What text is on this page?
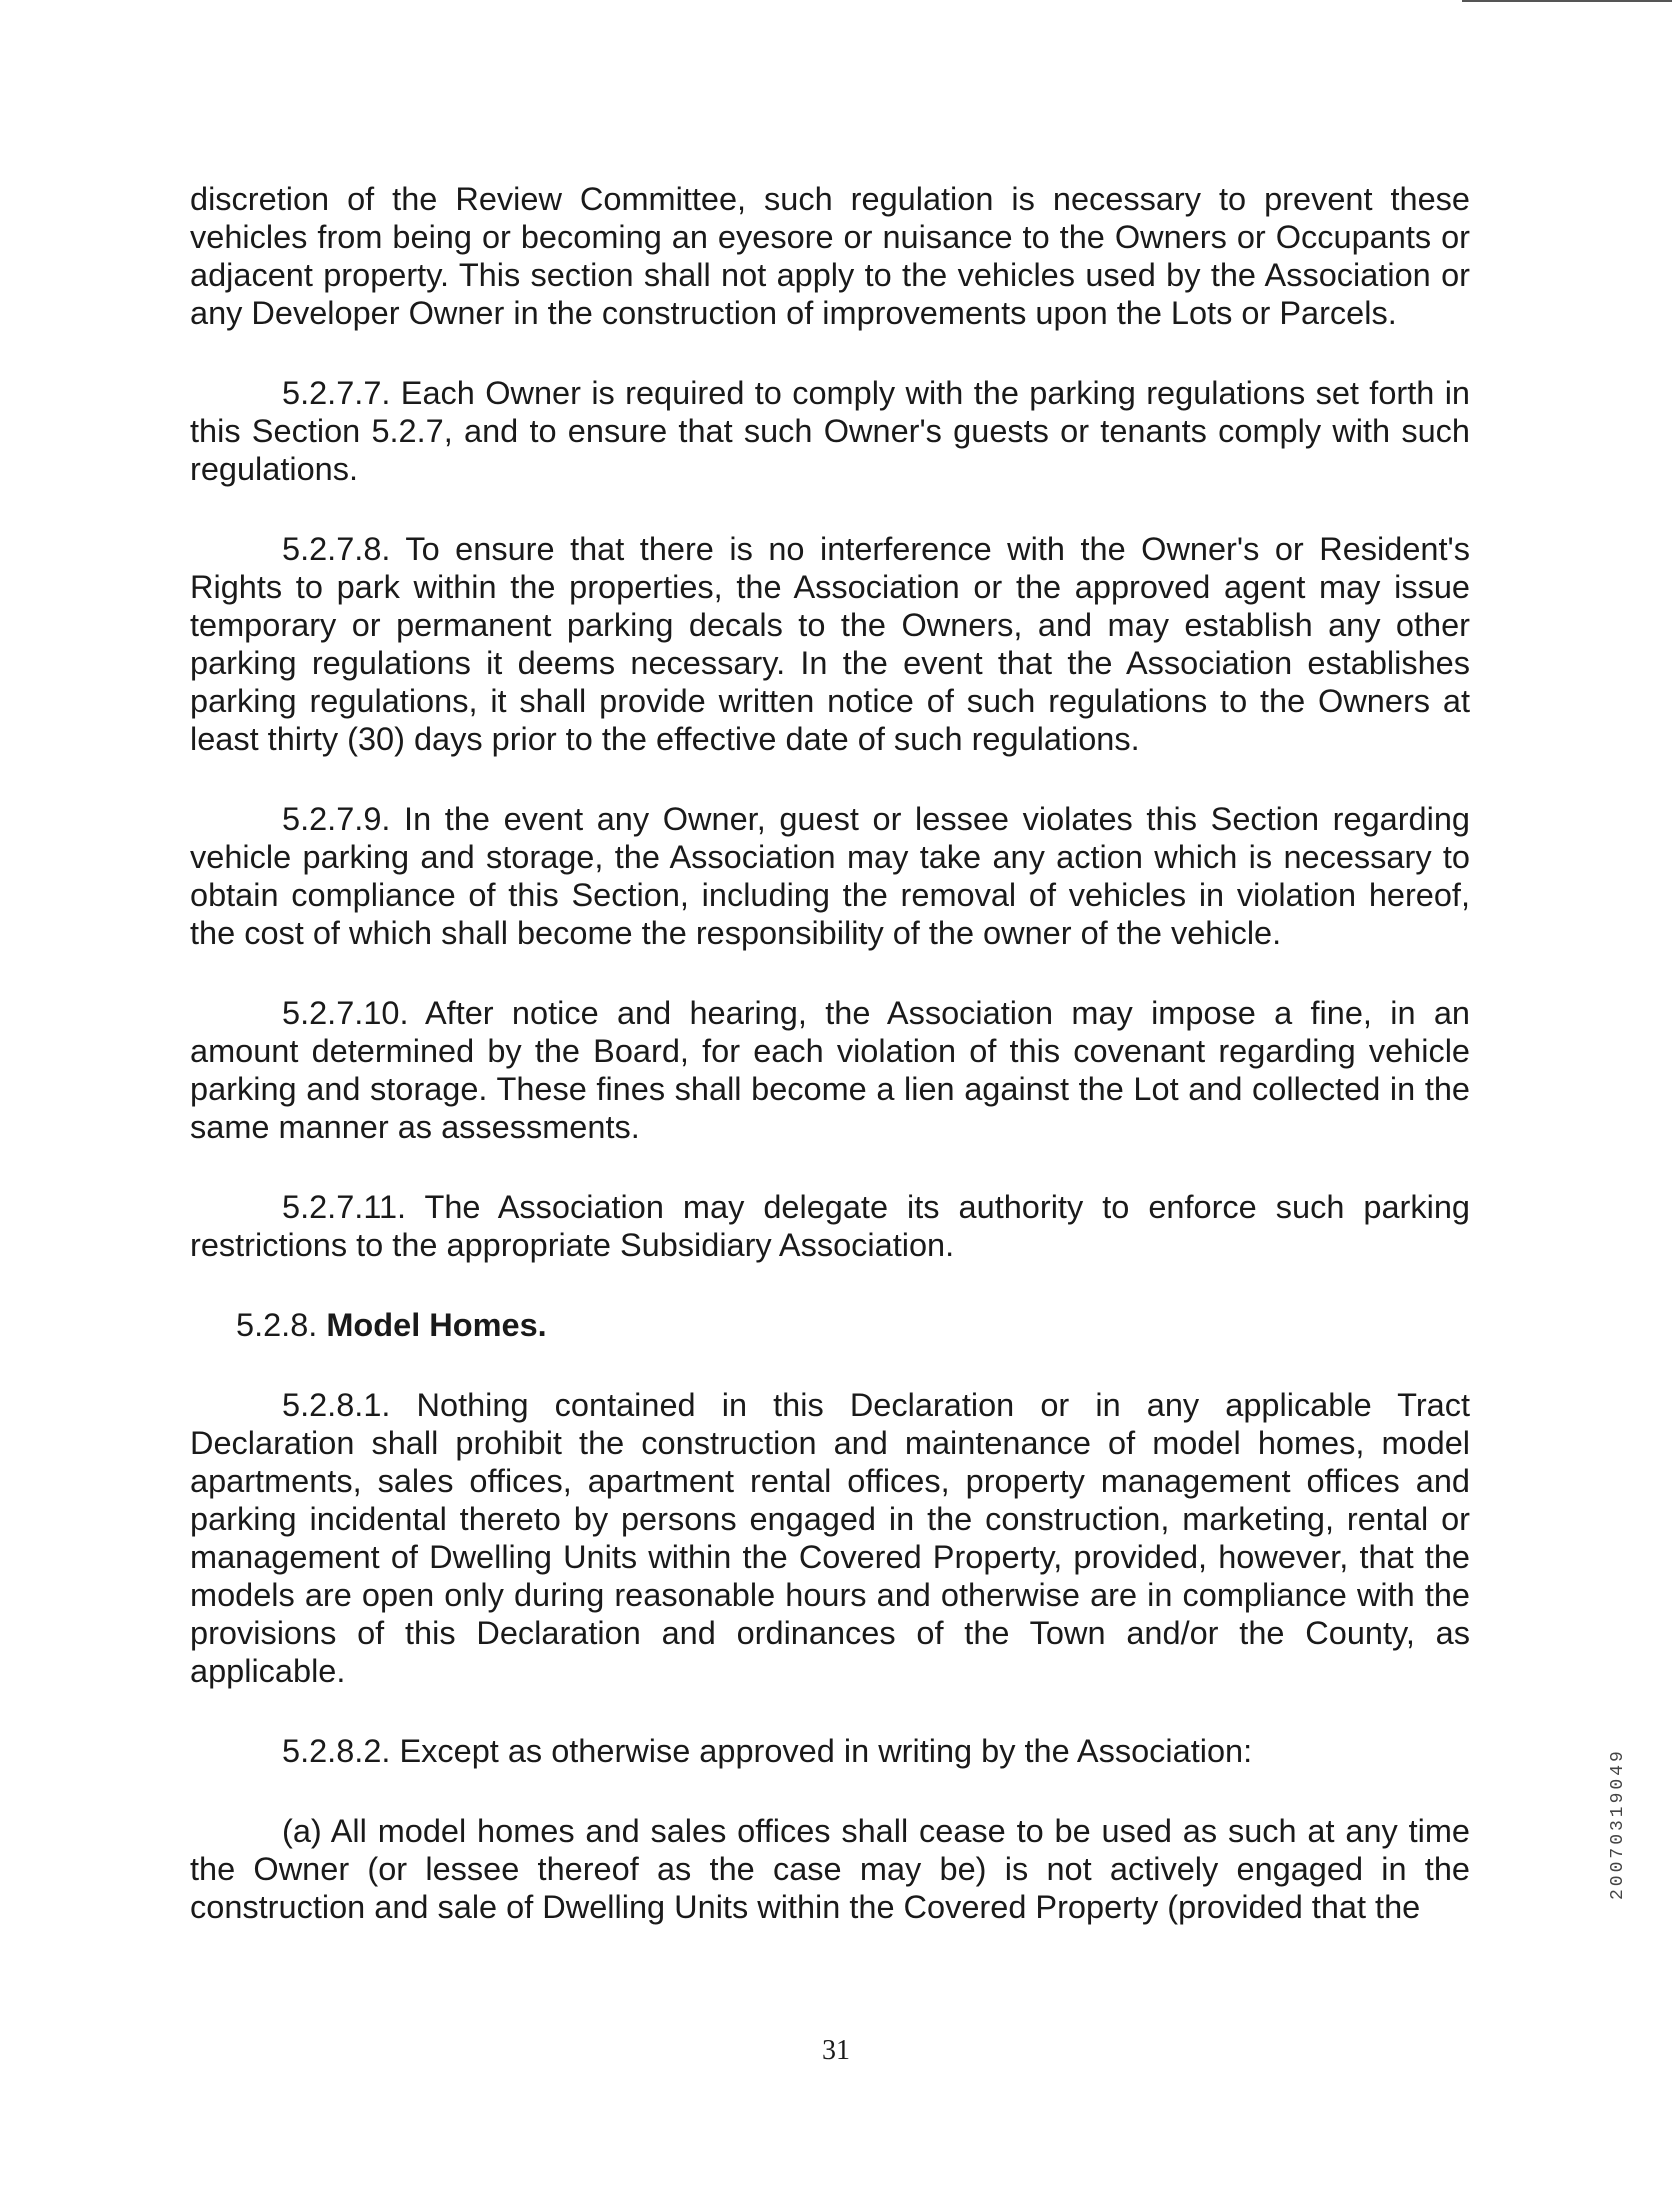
discretion of the Review Committee, such regulation is necessary to prevent these vehicles from being or becoming an eyesore or nuisance to the Owners or Occupants or adjacent property. This section shall not apply to the vehicles used by the Association or any Developer Owner in the construction of improvements upon the Lots or Parcels.

5.2.7.7. Each Owner is required to comply with the parking regulations set forth in this Section 5.2.7, and to ensure that such Owner's guests or tenants comply with such regulations.

5.2.7.8. To ensure that there is no interference with the Owner's or Resident's Rights to park within the properties, the Association or the approved agent may issue temporary or permanent parking decals to the Owners, and may establish any other parking regulations it deems necessary. In the event that the Association establishes parking regulations, it shall provide written notice of such regulations to the Owners at least thirty (30) days prior to the effective date of such regulations.

5.2.7.9. In the event any Owner, guest or lessee violates this Section regarding vehicle parking and storage, the Association may take any action which is necessary to obtain compliance of this Section, including the removal of vehicles in violation hereof, the cost of which shall become the responsibility of the owner of the vehicle.

5.2.7.10. After notice and hearing, the Association may impose a fine, in an amount determined by the Board, for each violation of this covenant regarding vehicle parking and storage. These fines shall become a lien against the Lot and collected in the same manner as assessments.

5.2.7.11. The Association may delegate its authority to enforce such parking restrictions to the appropriate Subsidiary Association.

5.2.8. Model Homes.

5.2.8.1. Nothing contained in this Declaration or in any applicable Tract Declaration shall prohibit the construction and maintenance of model homes, model apartments, sales offices, apartment rental offices, property management offices and parking incidental thereto by persons engaged in the construction, marketing, rental or management of Dwelling Units within the Covered Property, provided, however, that the models are open only during reasonable hours and otherwise are in compliance with the provisions of this Declaration and ordinances of the Town and/or the County, as applicable.

5.2.8.2. Except as otherwise approved in writing by the Association:

(a) All model homes and sales offices shall cease to be used as such at any time the Owner (or lessee thereof as the case may be) is not actively engaged in the construction and sale of Dwelling Units within the Covered Property (provided that the

20070319049
31
